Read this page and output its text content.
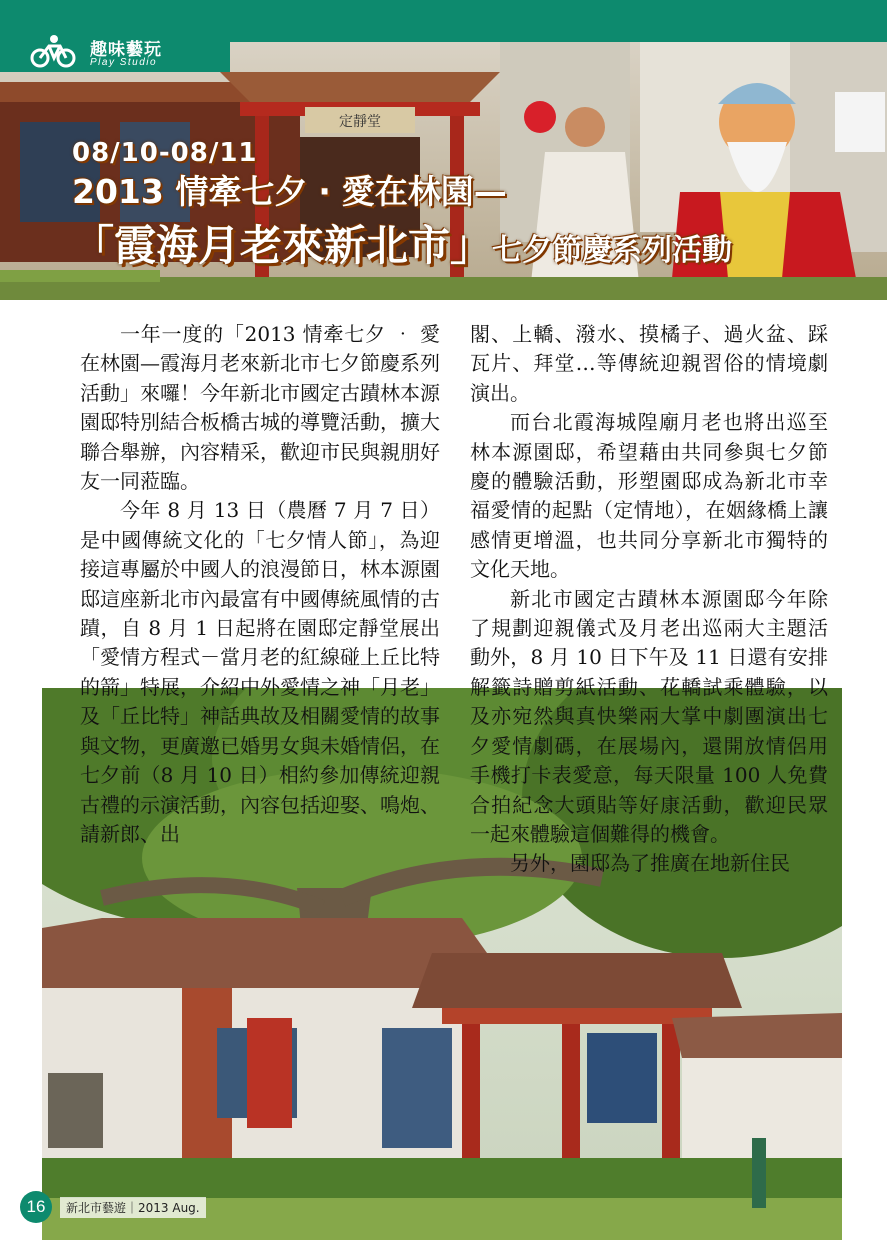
趣味藝玩
Play Studio
定靜堂
08/10-08/11
2013 情牽七夕 ‧ 愛在林園—
「霞海月老來新北市」七夕節慶系列活動

一年一度的「2013 情牽七夕 ‧ 愛在林園—霞海月老來新北市七夕節慶系列活動」來囉！今年新北市國定古蹟林本源園邸特別結合板橋古城的導覽活動，擴大聯合舉辦，內容精采，歡迎市民與親朋好友一同蒞臨。

今年 8 月 13 日（農曆 7 月 7 日）是中國傳統文化的「七夕情人節」，為迎接這專屬於中國人的浪漫節日，林本源園邸這座新北市內最富有中國傳統風情的古蹟，自 8 月 1 日起將在園邸定靜堂展出「愛情方程式－當月老的紅線碰上丘比特的箭」特展，介紹中外愛情之神「月老」及「丘比特」神話典故及相關愛情的故事與文物，更廣邀已婚男女與未婚情侶，在七夕前（8 月 10 日）相約參加傳統迎親古禮的示演活動，內容包括迎娶、鳴炮、請新郎、出

閣、上轎、潑水、摸橘子、過火盆、踩瓦片、拜堂…等傳統迎親習俗的情境劇演出。

而台北霞海城隍廟月老也將出巡至林本源園邸，希望藉由共同參與七夕節慶的體驗活動，形塑園邸成為新北市幸福愛情的起點（定情地），在姻緣橋上讓感情更增溫，也共同分享新北市獨特的文化天地。

新北市國定古蹟林本源園邸今年除了規劃迎親儀式及月老出巡兩大主題活動外，8 月 10 日下午及 11 日還有安排解籤詩贈剪紙活動、花轎試乘體驗，以及亦宛然與真快樂兩大掌中劇團演出七夕愛情劇碼，在展場內，還開放情侶用手機打卡表愛意，每天限量 100 人免費合拍紀念大頭貼等好康活動，歡迎民眾一起來體驗這個難得的機會。

另外，園邸為了推廣在地新住民

16	新北市藝遊｜2013 Aug.
